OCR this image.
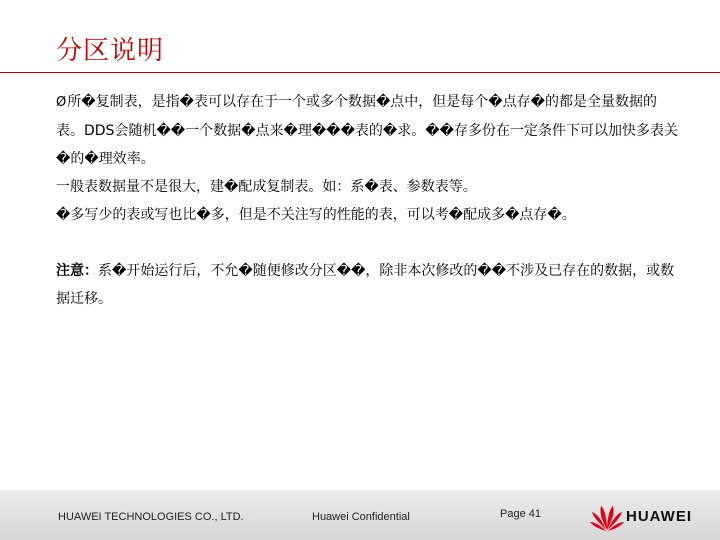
分区说明

Ø所�复制表，是指�表可以存在于一个或多个数据�点中，但是每个�点存�的都是全量数据的表。DDS会随机��一个数据�点来�理���表的�求。��存多份在一定条件下可以加快多表关�的�理效率。

一般表数据量不是很大，建�配成复制表。如：系�表、参数表等。

�多写少的表或写也比�多，但是不关注写的性能的表，可以考�配成多�点存�。

注意：系�开始运行后，不允�随便修改分区��，除非本次修改的��不涉及已存在的数据，或数据迁移。

HUAWEI TECHNOLOGIES CO., LTD.	Huawei Confidential	Page 41	HUAWEI
